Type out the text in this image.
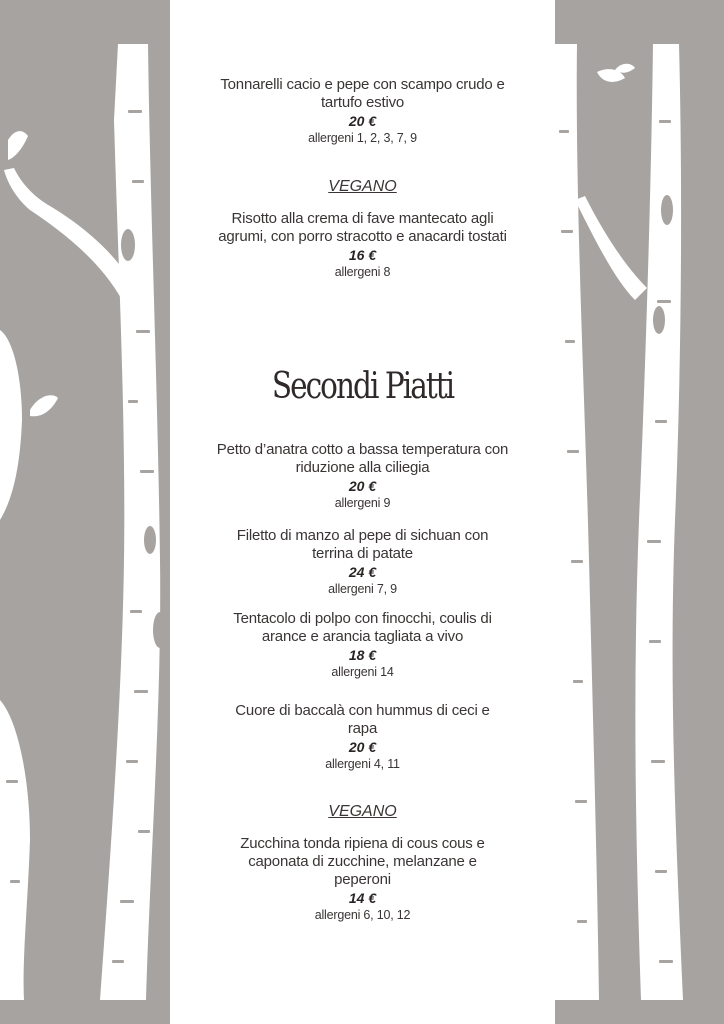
Tonnarelli cacio e pepe con scampo crudo e tartufo estivo
20 €
allergeni 1, 2, 3, 7, 9
VEGANO
Risotto alla crema di fave mantecato agli agrumi, con porro stracotto e anacardi tostati
16 €
allergeni 8
Secondi Piatti
Petto d’anatra cotto a bassa temperatura con riduzione alla ciliegia
20 €
allergeni 9
Filetto di manzo al pepe di sichuan con terrina di patate
24 €
allergeni 7, 9
Tentacolo di polpo con finocchi, coulis di arance e arancia tagliata a vivo
18 €
allergeni 14
Cuore di baccalà con hummus di ceci e rapa
20 €
allergeni 4, 11
VEGANO
Zucchina tonda ripiena di cous cous e caponata di zucchine, melanzane e peperoni
14 €
allergeni 6, 10, 12
